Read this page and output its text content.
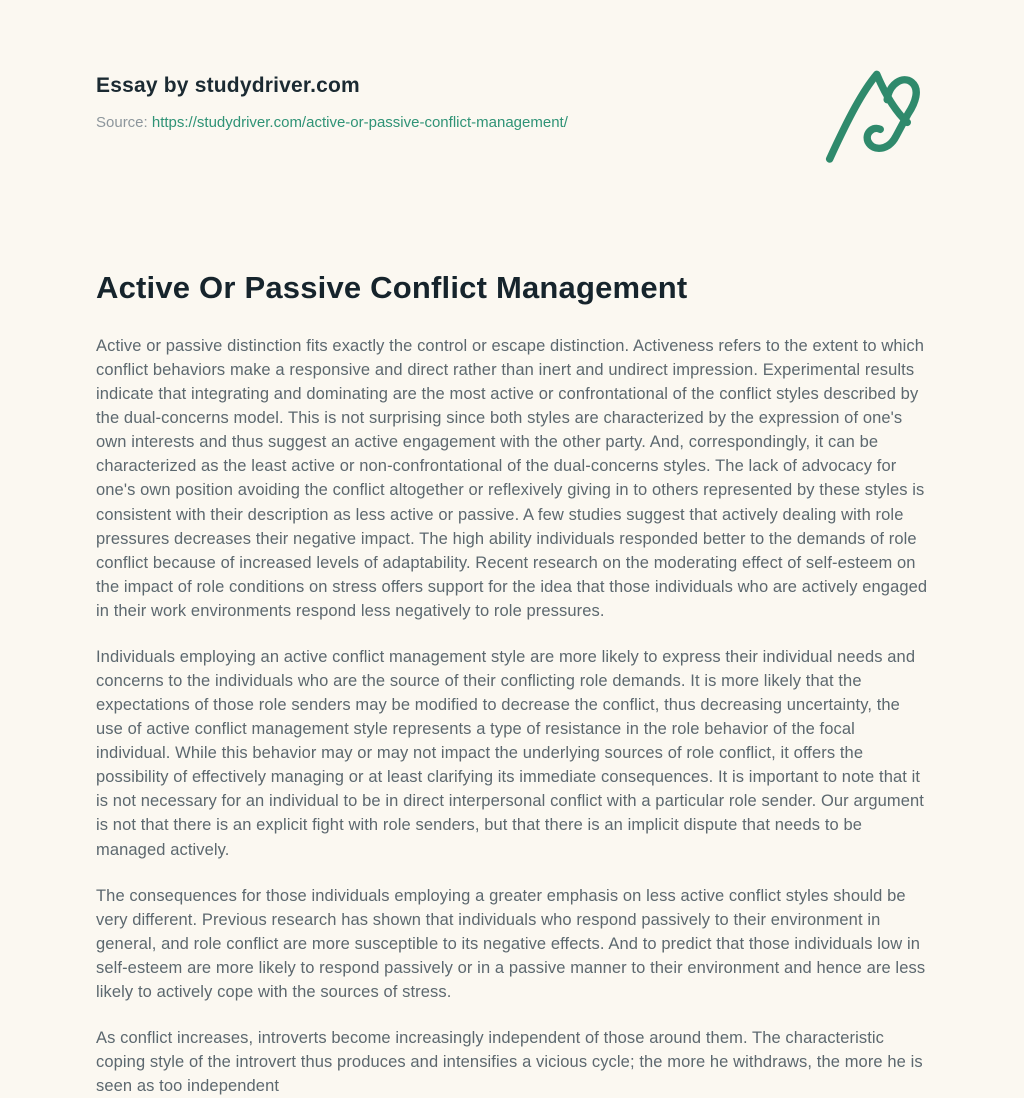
Essay by studydriver.com

Source: https://studydriver.com/active-or-passive-conflict-management/

Active Or Passive Conflict Management

Active or passive distinction fits exactly the control or escape distinction. Activeness refers to the extent to which conflict behaviors make a responsive and direct rather than inert and undirect impression. Experimental results indicate that integrating and dominating are the most active or confrontational of the conflict styles described by the dual-concerns model. This is not surprising since both styles are characterized by the expression of one's own interests and thus suggest an active engagement with the other party. And, correspondingly, it can be characterized as the least active or non-confrontational of the dual-concerns styles. The lack of advocacy for one's own position avoiding the conflict altogether or reflexively giving in to others represented by these styles is consistent with their description as less active or passive. A few studies suggest that actively dealing with role pressures decreases their negative impact. The high ability individuals responded better to the demands of role conflict because of increased levels of adaptability. Recent research on the moderating effect of self-esteem on the impact of role conditions on stress offers support for the idea that those individuals who are actively engaged in their work environments respond less negatively to role pressures.

Individuals employing an active conflict management style are more likely to express their individual needs and concerns to the individuals who are the source of their conflicting role demands. It is more likely that the expectations of those role senders may be modified to decrease the conflict, thus decreasing uncertainty, the use of active conflict management style represents a type of resistance in the role behavior of the focal individual. While this behavior may or may not impact the underlying sources of role conflict, it offers the possibility of effectively managing or at least clarifying its immediate consequences. It is important to note that it is not necessary for an individual to be in direct interpersonal conflict with a particular role sender. Our argument is not that there is an explicit fight with role senders, but that there is an implicit dispute that needs to be managed actively.

The consequences for those individuals employing a greater emphasis on less active conflict styles should be very different. Previous research has shown that individuals who respond passively to their environment in general, and role conflict are more susceptible to its negative effects. And to predict that those individuals low in self-esteem are more likely to respond passively or in a passive manner to their environment and hence are less likely to actively cope with the sources of stress.

As conflict increases, introverts become increasingly independent of those around them. The characteristic coping style of the introvert thus produces and intensifies a vicious cycle; the more he withdraws, the more he is seen as too independent
